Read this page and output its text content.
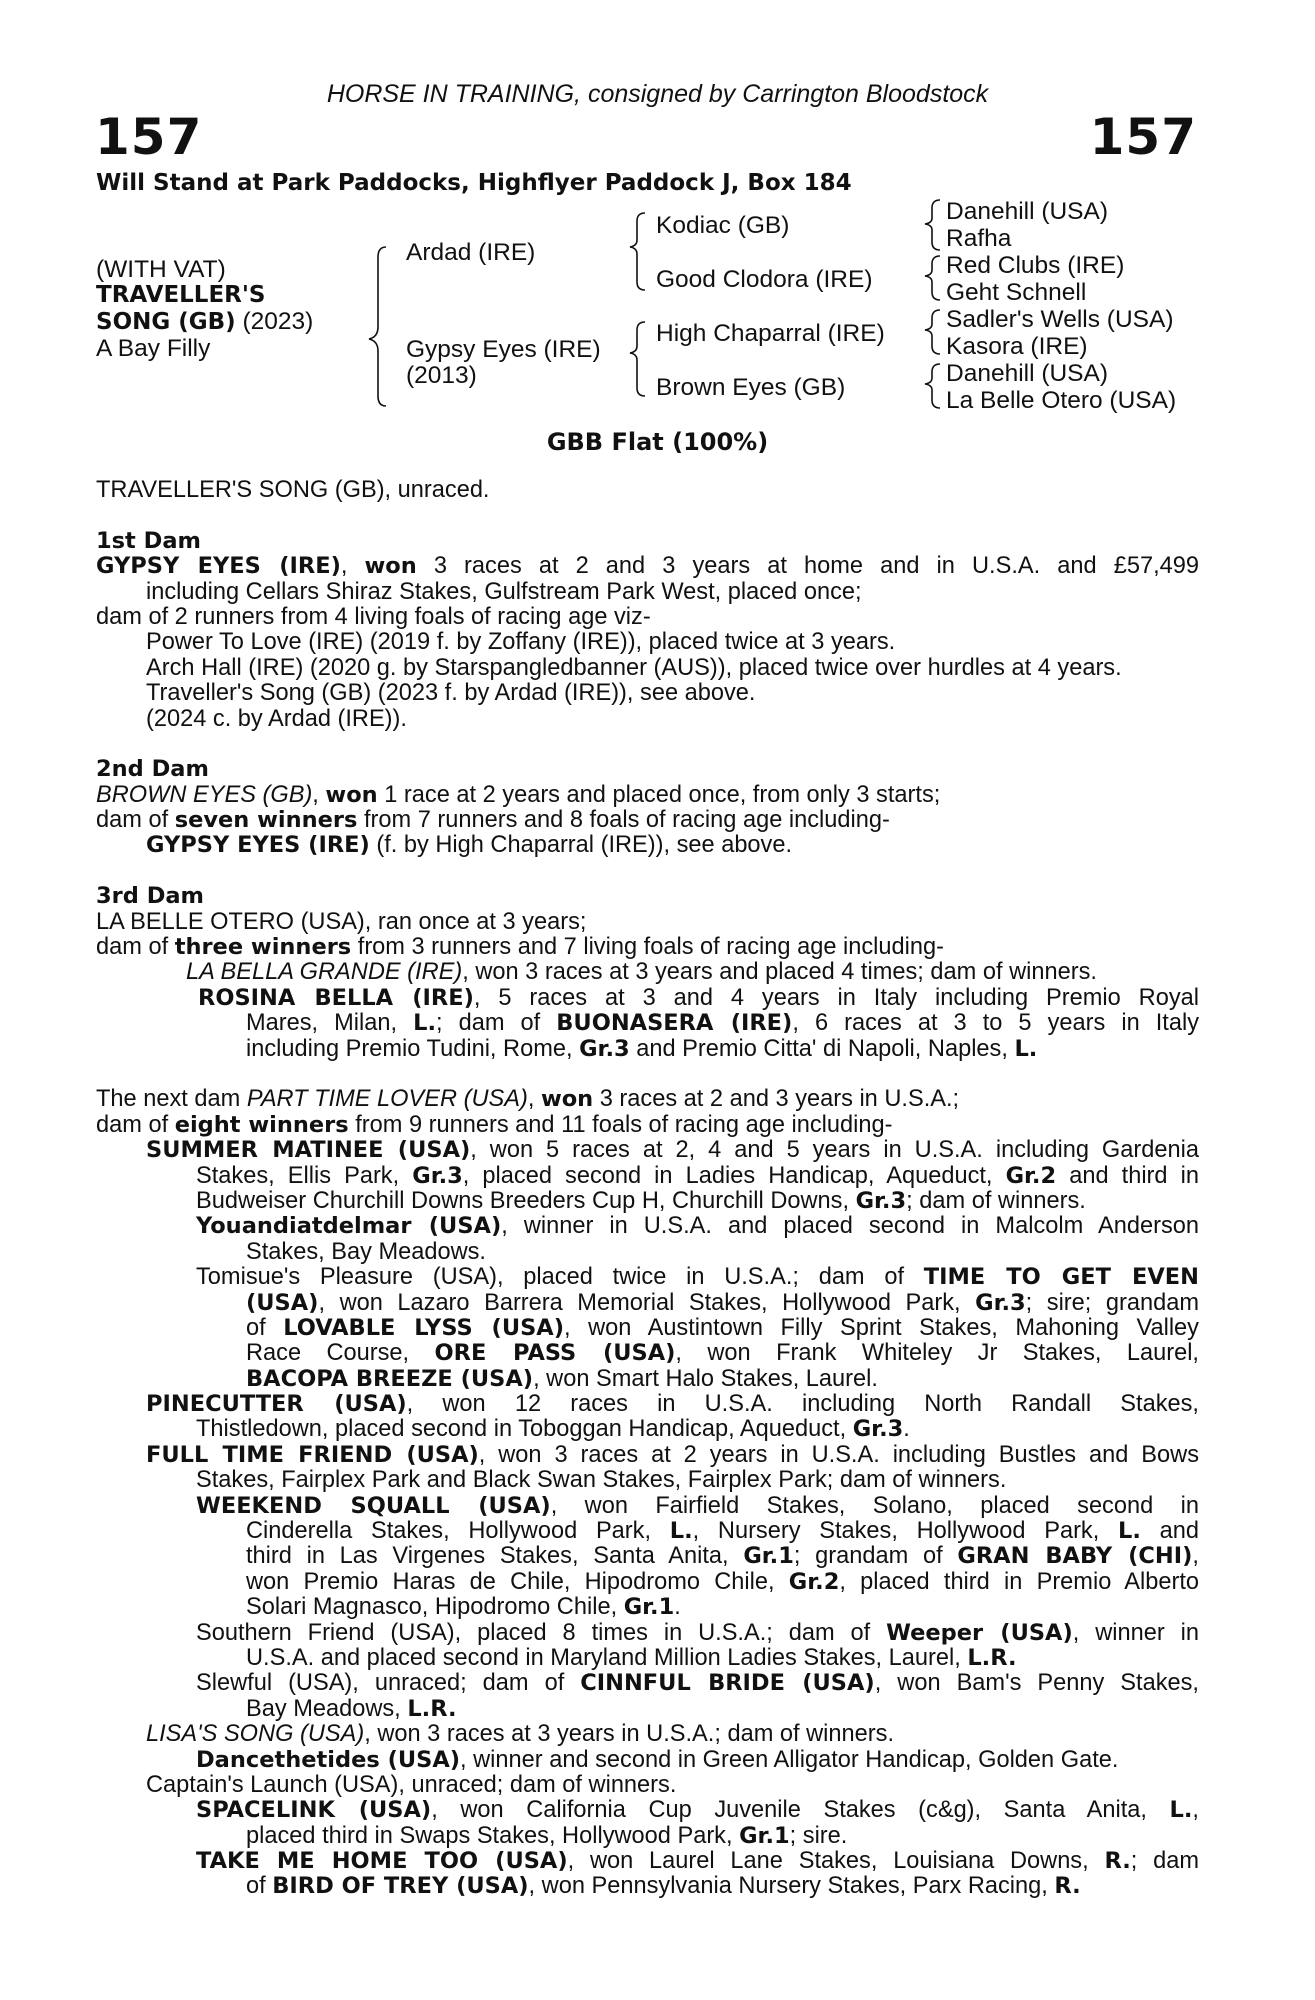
HORSE IN TRAINING, consigned by Carrington Bloodstock
157	157
Will Stand at Park Paddocks, Highflyer Paddock J, Box 184
(WITH VAT)
TRAVELLER'S
SONG (GB) (2023)
A Bay Filly
Ardad (IRE)
Gypsy Eyes (IRE)
(2013)
Kodiac (GB)
Good Clodora (IRE)
High Chaparral (IRE)
Brown Eyes (GB)
Danehill (USA)
Rafha
Red Clubs (IRE)
Geht Schnell
Sadler's Wells (USA)
Kasora (IRE)
Danehill (USA)
La Belle Otero (USA)
GBB Flat (100%)
TRAVELLER'S SONG (GB), unraced.
1st Dam
GYPSY EYES (IRE), won 3 races at 2 and 3 years at home and in U.S.A. and £57,499
including Cellars Shiraz Stakes, Gulfstream Park West, placed once;
dam of 2 runners from 4 living foals of racing age viz-
Power To Love (IRE) (2019 f. by Zoffany (IRE)), placed twice at 3 years.
Arch Hall (IRE) (2020 g. by Starspangledbanner (AUS)), placed twice over hurdles at 4 years.
Traveller's Song (GB) (2023 f. by Ardad (IRE)), see above.
(2024 c. by Ardad (IRE)).
2nd Dam
BROWN EYES (GB), won 1 race at 2 years and placed once, from only 3 starts;
dam of seven winners from 7 runners and 8 foals of racing age including-
GYPSY EYES (IRE) (f. by High Chaparral (IRE)), see above.
3rd Dam
LA BELLE OTERO (USA), ran once at 3 years;
dam of three winners from 3 runners and 7 living foals of racing age including-
LA BELLA GRANDE (IRE), won 3 races at 3 years and placed 4 times; dam of winners.
ROSINA BELLA (IRE), 5 races at 3 and 4 years in Italy including Premio Royal
Mares, Milan, L.; dam of BUONASERA (IRE), 6 races at 3 to 5 years in Italy
including Premio Tudini, Rome, Gr.3 and Premio Citta' di Napoli, Naples, L.
The next dam PART TIME LOVER (USA), won 3 races at 2 and 3 years in U.S.A.;
dam of eight winners from 9 runners and 11 foals of racing age including-
SUMMER MATINEE (USA), won 5 races at 2, 4 and 5 years in U.S.A. including Gardenia
Stakes, Ellis Park, Gr.3, placed second in Ladies Handicap, Aqueduct, Gr.2 and third in
Budweiser Churchill Downs Breeders Cup H, Churchill Downs, Gr.3; dam of winners.
Youandiatdelmar (USA), winner in U.S.A. and placed second in Malcolm Anderson
Stakes, Bay Meadows.
Tomisue's Pleasure (USA), placed twice in U.S.A.; dam of TIME TO GET EVEN
(USA), won Lazaro Barrera Memorial Stakes, Hollywood Park, Gr.3; sire; grandam
of LOVABLE LYSS (USA), won Austintown Filly Sprint Stakes, Mahoning Valley
Race Course, ORE PASS (USA), won Frank Whiteley Jr Stakes, Laurel,
BACOPA BREEZE (USA), won Smart Halo Stakes, Laurel.
PINECUTTER (USA), won 12 races in U.S.A. including North Randall Stakes,
Thistledown, placed second in Toboggan Handicap, Aqueduct, Gr.3.
FULL TIME FRIEND (USA), won 3 races at 2 years in U.S.A. including Bustles and Bows
Stakes, Fairplex Park and Black Swan Stakes, Fairplex Park; dam of winners.
WEEKEND SQUALL (USA), won Fairfield Stakes, Solano, placed second in
Cinderella Stakes, Hollywood Park, L., Nursery Stakes, Hollywood Park, L. and
third in Las Virgenes Stakes, Santa Anita, Gr.1; grandam of GRAN BABY (CHI),
won Premio Haras de Chile, Hipodromo Chile, Gr.2, placed third in Premio Alberto
Solari Magnasco, Hipodromo Chile, Gr.1.
Southern Friend (USA), placed 8 times in U.S.A.; dam of Weeper (USA), winner in
U.S.A. and placed second in Maryland Million Ladies Stakes, Laurel, L.R.
Slewful (USA), unraced; dam of CINNFUL BRIDE (USA), won Bam's Penny Stakes,
Bay Meadows, L.R.
LISA'S SONG (USA), won 3 races at 3 years in U.S.A.; dam of winners.
Dancethetides (USA), winner and second in Green Alligator Handicap, Golden Gate.
Captain's Launch (USA), unraced; dam of winners.
SPACELINK (USA), won California Cup Juvenile Stakes (c&g), Santa Anita, L.,
placed third in Swaps Stakes, Hollywood Park, Gr.1; sire.
TAKE ME HOME TOO (USA), won Laurel Lane Stakes, Louisiana Downs, R.; dam
of BIRD OF TREY (USA), won Pennsylvania Nursery Stakes, Parx Racing, R.
